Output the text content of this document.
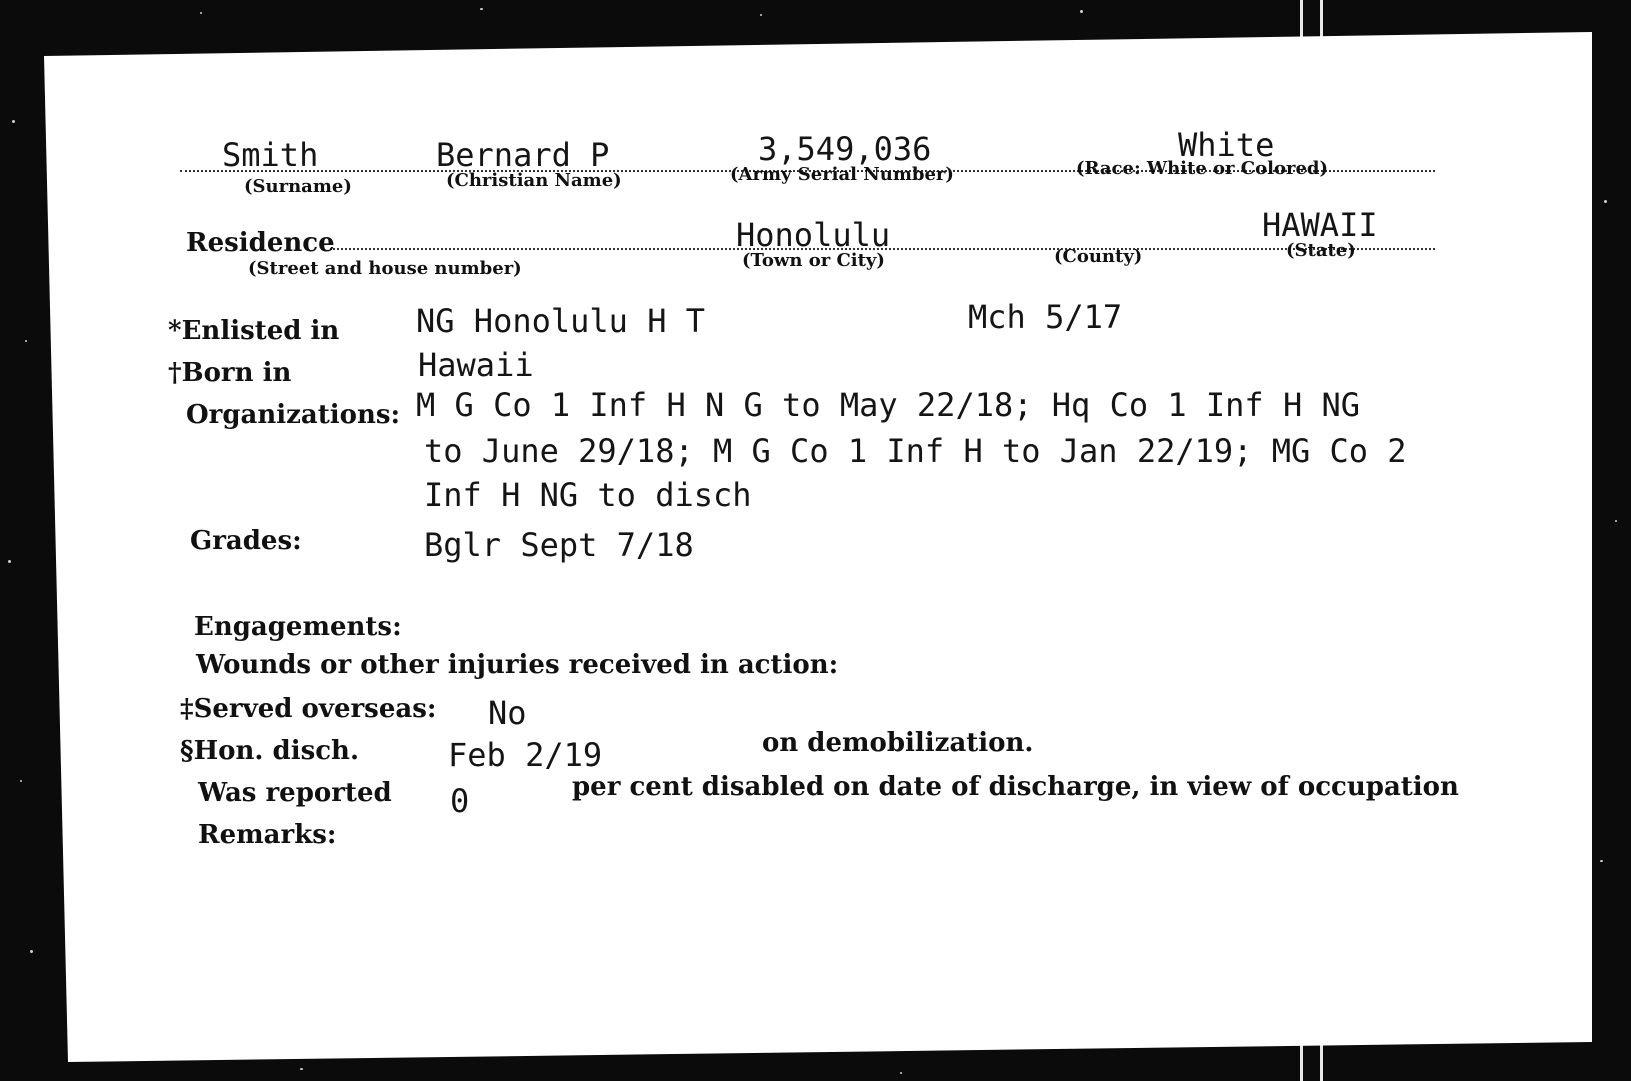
Smith
(Surname)
Bernard P
(Christian Name)
3,549,036
(Army Serial Number)
White
(Race: White or Colored)
Residence
(Street and house number)
Honolulu
(Town or City)	(County)
HAWAII
(State)
*Enlisted in NG Honolulu H T	Mch 5/17
†Born in	Hawaii
Organizations: M G Co 1 Inf H N G to May 22/18; Hq Co 1 Inf H NG
to June 29/18; M G Co 1 Inf H to Jan 22/19; MG Co 2
Inf H NG to disch
Grades:	Bglr Sept 7/18
Engagements:
Wounds or other injuries received in action:
‡Served overseas: No
§Hon. disch.	Feb 2/19	on demobilization.
Was reported 0	per cent disabled on date of discharge, in view of occupation
Remarks:
